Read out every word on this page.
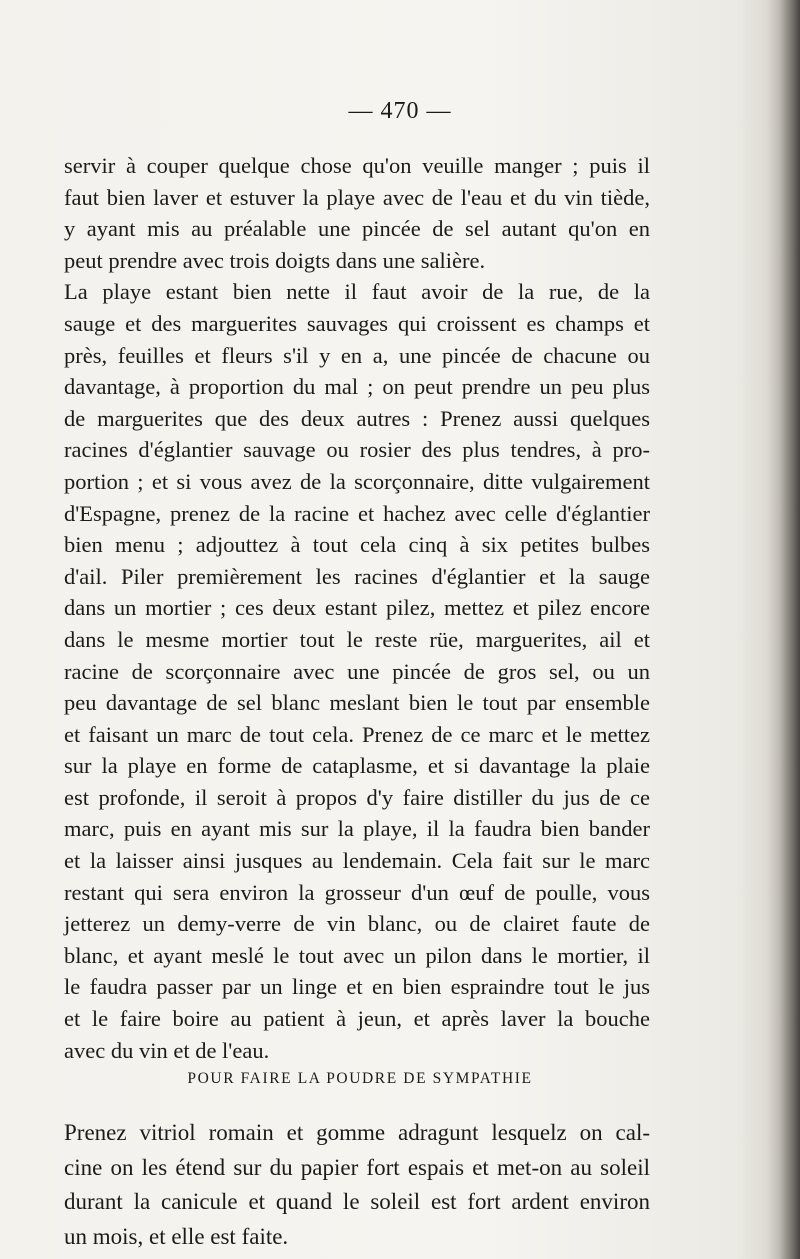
— 470 —
servir à couper quelque chose qu'on veuille manger ; puis il
faut bien laver et estuver la playe avec de l'eau et du vin tiède,
y ayant mis au préalable une pincée de sel autant qu'on en
peut prendre avec trois doigts dans une salière.
La playe estant bien nette il faut avoir de la rue, de la
sauge et des marguerites sauvages qui croissent es champs et
près, feuilles et fleurs s'il y en a, une pincée de chacune ou
davantage, à proportion du mal ; on peut prendre un peu plus
de marguerites que des deux autres : Prenez aussi quelques
racines d'églantier sauvage ou rosier des plus tendres, à pro-
portion ; et si vous avez de la scorçonnaire, ditte vulgairement
d'Espagne, prenez de la racine et hachez avec celle d'églantier
bien menu ; adjouttez à tout cela cinq à six petites bulbes
d'ail. Piler premièrement les racines d'églantier et la sauge
dans un mortier ; ces deux estant pilez, mettez et pilez encore
dans le mesme mortier tout le reste rüe, marguerites, ail et
racine de scorçonnaire avec une pincée de gros sel, ou un
peu davantage de sel blanc meslant bien le tout par ensemble
et faisant un marc de tout cela. Prenez de ce marc et le mettez
sur la playe en forme de cataplasme, et si davantage la plaie
est profonde, il seroit à propos d'y faire distiller du jus de ce
marc, puis en ayant mis sur la playe, il la faudra bien bander
et la laisser ainsi jusques au lendemain. Cela fait sur le marc
restant qui sera environ la grosseur d'un œuf de poulle, vous
jetterez un demy-verre de vin blanc, ou de clairet faute de
blanc, et ayant meslé le tout avec un pilon dans le mortier, il
le faudra passer par un linge et en bien espraindre tout le jus
et le faire boire au patient à jeun, et après laver la bouche
avec du vin et de l'eau.
POUR FAIRE LA POUDRE DE SYMPATHIE
Prenez vitriol romain et gomme adragunt lesquelz on cal-
cine on les étend sur du papier fort espais et met-on au soleil
durant la canicule et quand le soleil est fort ardent environ
un mois, et elle est faite.
